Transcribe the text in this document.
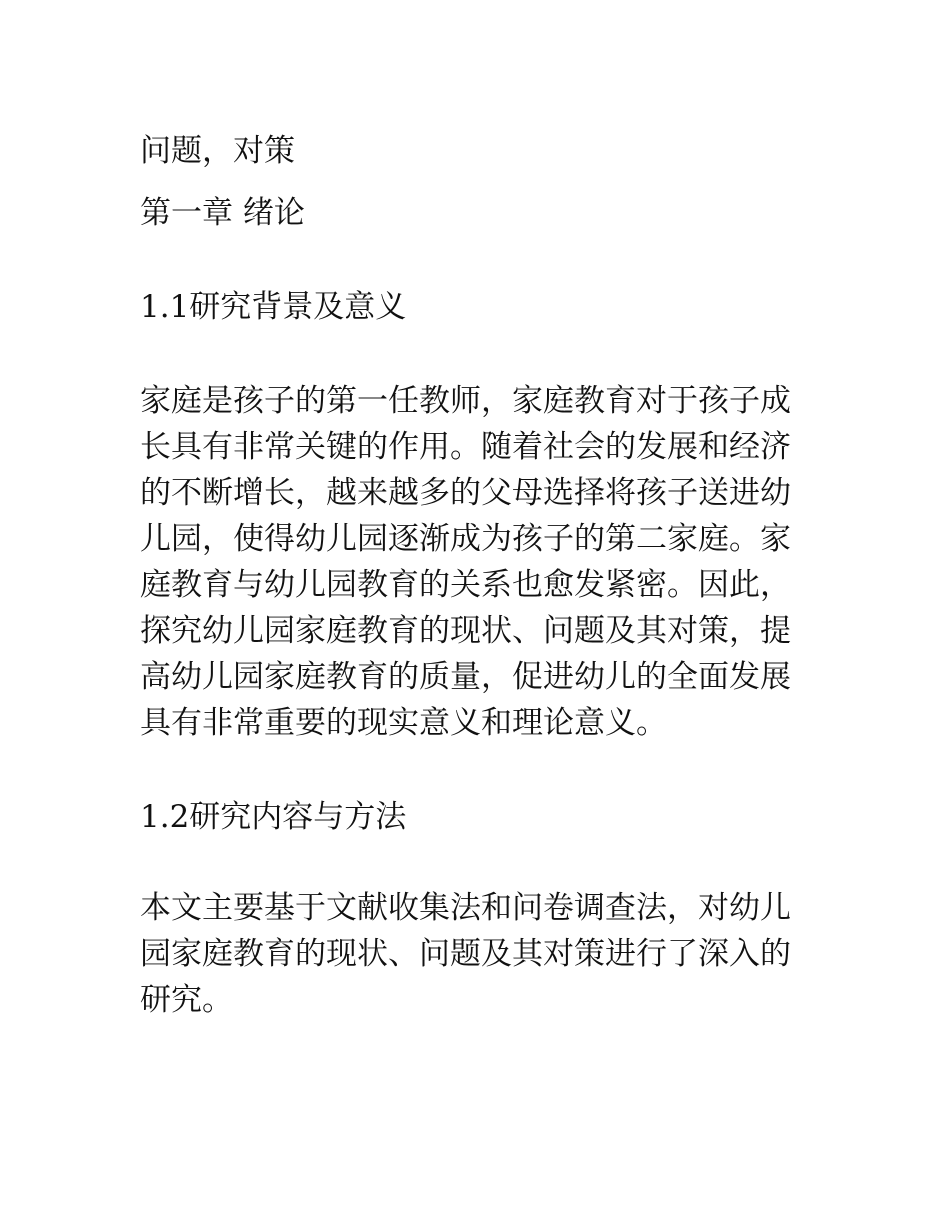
问题，对策

第一章 绪论
1.1研究背景及意义

家庭是孩子的第一任教师，家庭教育对于孩子成长具有非常关键的作用。随着社会的发展和经济的不断增长，越来越多的父母选择将孩子送进幼儿园，使得幼儿园逐渐成为孩子的第二家庭。家庭教育与幼儿园教育的关系也愈发紧密。因此，探究幼儿园家庭教育的现状、问题及其对策，提高幼儿园家庭教育的质量，促进幼儿的全面发展具有非常重要的现实意义和理论意义。

1.2研究内容与方法

本文主要基于文献收集法和问卷调查法，对幼儿园家庭教育的现状、问题及其对策进行了深入的研究。
